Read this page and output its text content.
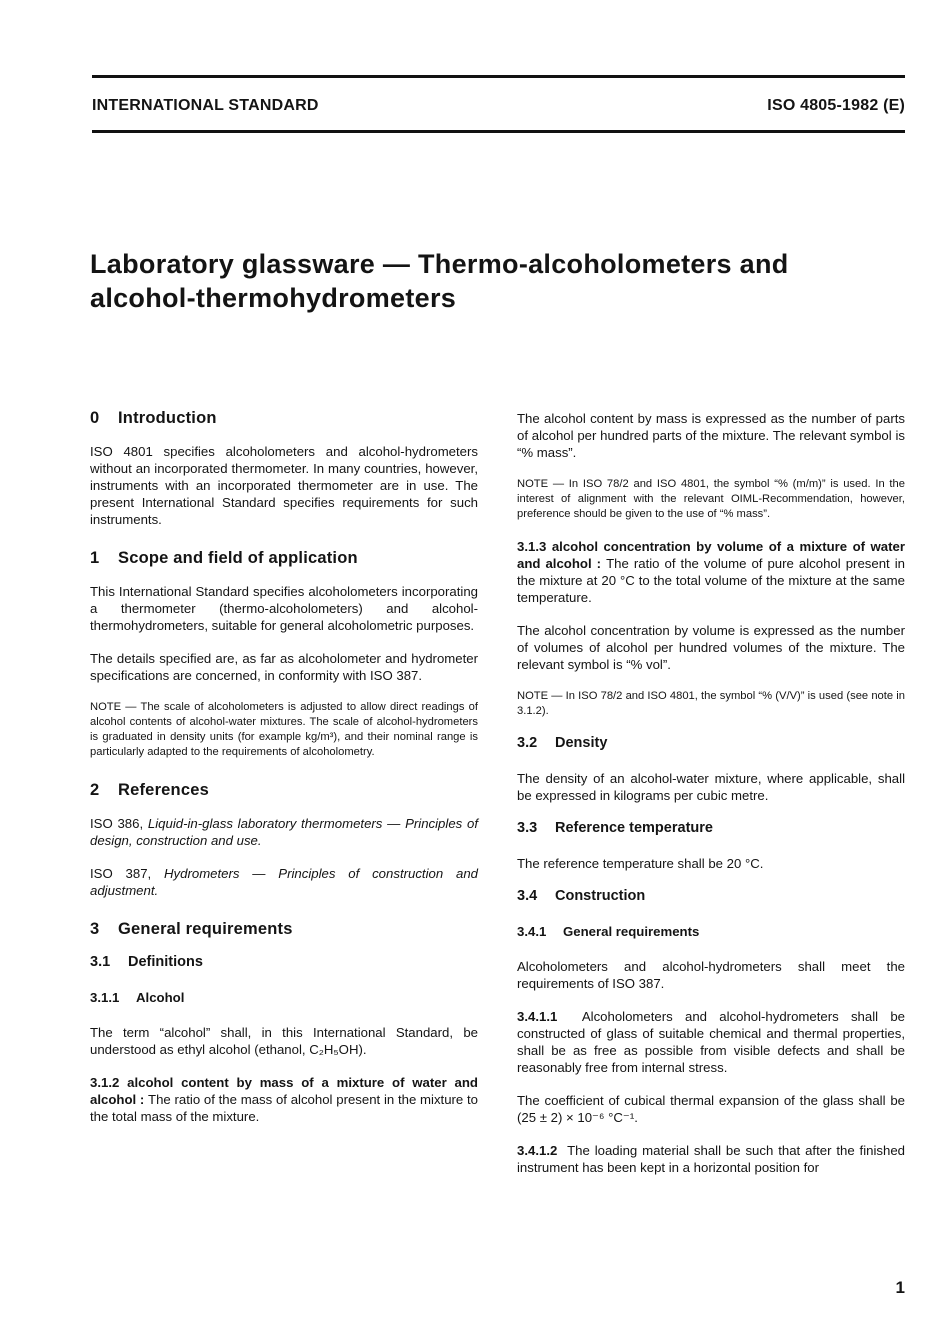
INTERNATIONAL STANDARD	ISO 4805-1982 (E)
Laboratory glassware — Thermo-alcoholometers and
alcohol-thermohydrometers
0 Introduction

ISO 4801 specifies alcoholometers and alcohol-hydrometers without an incorporated thermometer. In many countries, however, instruments with an incorporated thermometer are in use. The present International Standard specifies requirements for such instruments.

1 Scope and field of application

This International Standard specifies alcoholometers incorporating a thermometer (thermo-alcoholometers) and alcohol-thermohydrometers, suitable for general alcoholometric purposes.

The details specified are, as far as alcoholometer and hydrometer specifications are concerned, in conformity with ISO 387.

NOTE — The scale of alcoholometers is adjusted to allow direct readings of alcohol contents of alcohol-water mixtures. The scale of alcohol-hydrometers is graduated in density units (for example kg/m³), and their nominal range is particularly adapted to the requirements of alcoholometry.
2 References

ISO 386, Liquid-in-glass laboratory thermometers — Principles of design, construction and use.

ISO 387, Hydrometers — Principles of construction and adjustment.

3 General requirements
3.1 Definitions
3.1.1 Alcohol

The term “alcohol” shall, in this International Standard, be understood as ethyl alcohol (ethanol, C₂H₅OH).

3.1.2 alcohol content by mass of a mixture of water and alcohol : The ratio of the mass of alcohol present in the mixture to the total mass of the mixture.

The alcohol content by mass is expressed as the number of parts of alcohol per hundred parts of the mixture. The relevant symbol is “% mass”.

NOTE — In ISO 78/2 and ISO 4801, the symbol “% (m/m)” is used. In the interest of alignment with the relevant OIML-Recommendation, however, preference should be given to the use of “% mass”.

3.1.3 alcohol concentration by volume of a mixture of water and alcohol : The ratio of the volume of pure alcohol present in the mixture at 20 °C to the total volume of the mixture at the same temperature.

The alcohol concentration by volume is expressed as the number of volumes of alcohol per hundred volumes of the mixture. The relevant symbol is “% vol”.

NOTE — In ISO 78/2 and ISO 4801, the symbol “% (V/V)” is used (see note in 3.1.2).
3.2 Density

The density of an alcohol-water mixture, where applicable, shall be expressed in kilograms per cubic metre.

3.3 Reference temperature

The reference temperature shall be 20 °C.

3.4 Construction
3.4.1 General requirements

Alcoholometers and alcohol-hydrometers shall meet the requirements of ISO 387.

3.4.1.1 Alcoholometers and alcohol-hydrometers shall be constructed of glass of suitable chemical and thermal properties, shall be as free as possible from visible defects and shall be reasonably free from internal stress.

The coefficient of cubical thermal expansion of the glass shall be (25 ± 2) × 10⁻⁶ °C⁻¹.

3.4.1.2 The loading material shall be such that after the finished instrument has been kept in a horizontal position for

1
